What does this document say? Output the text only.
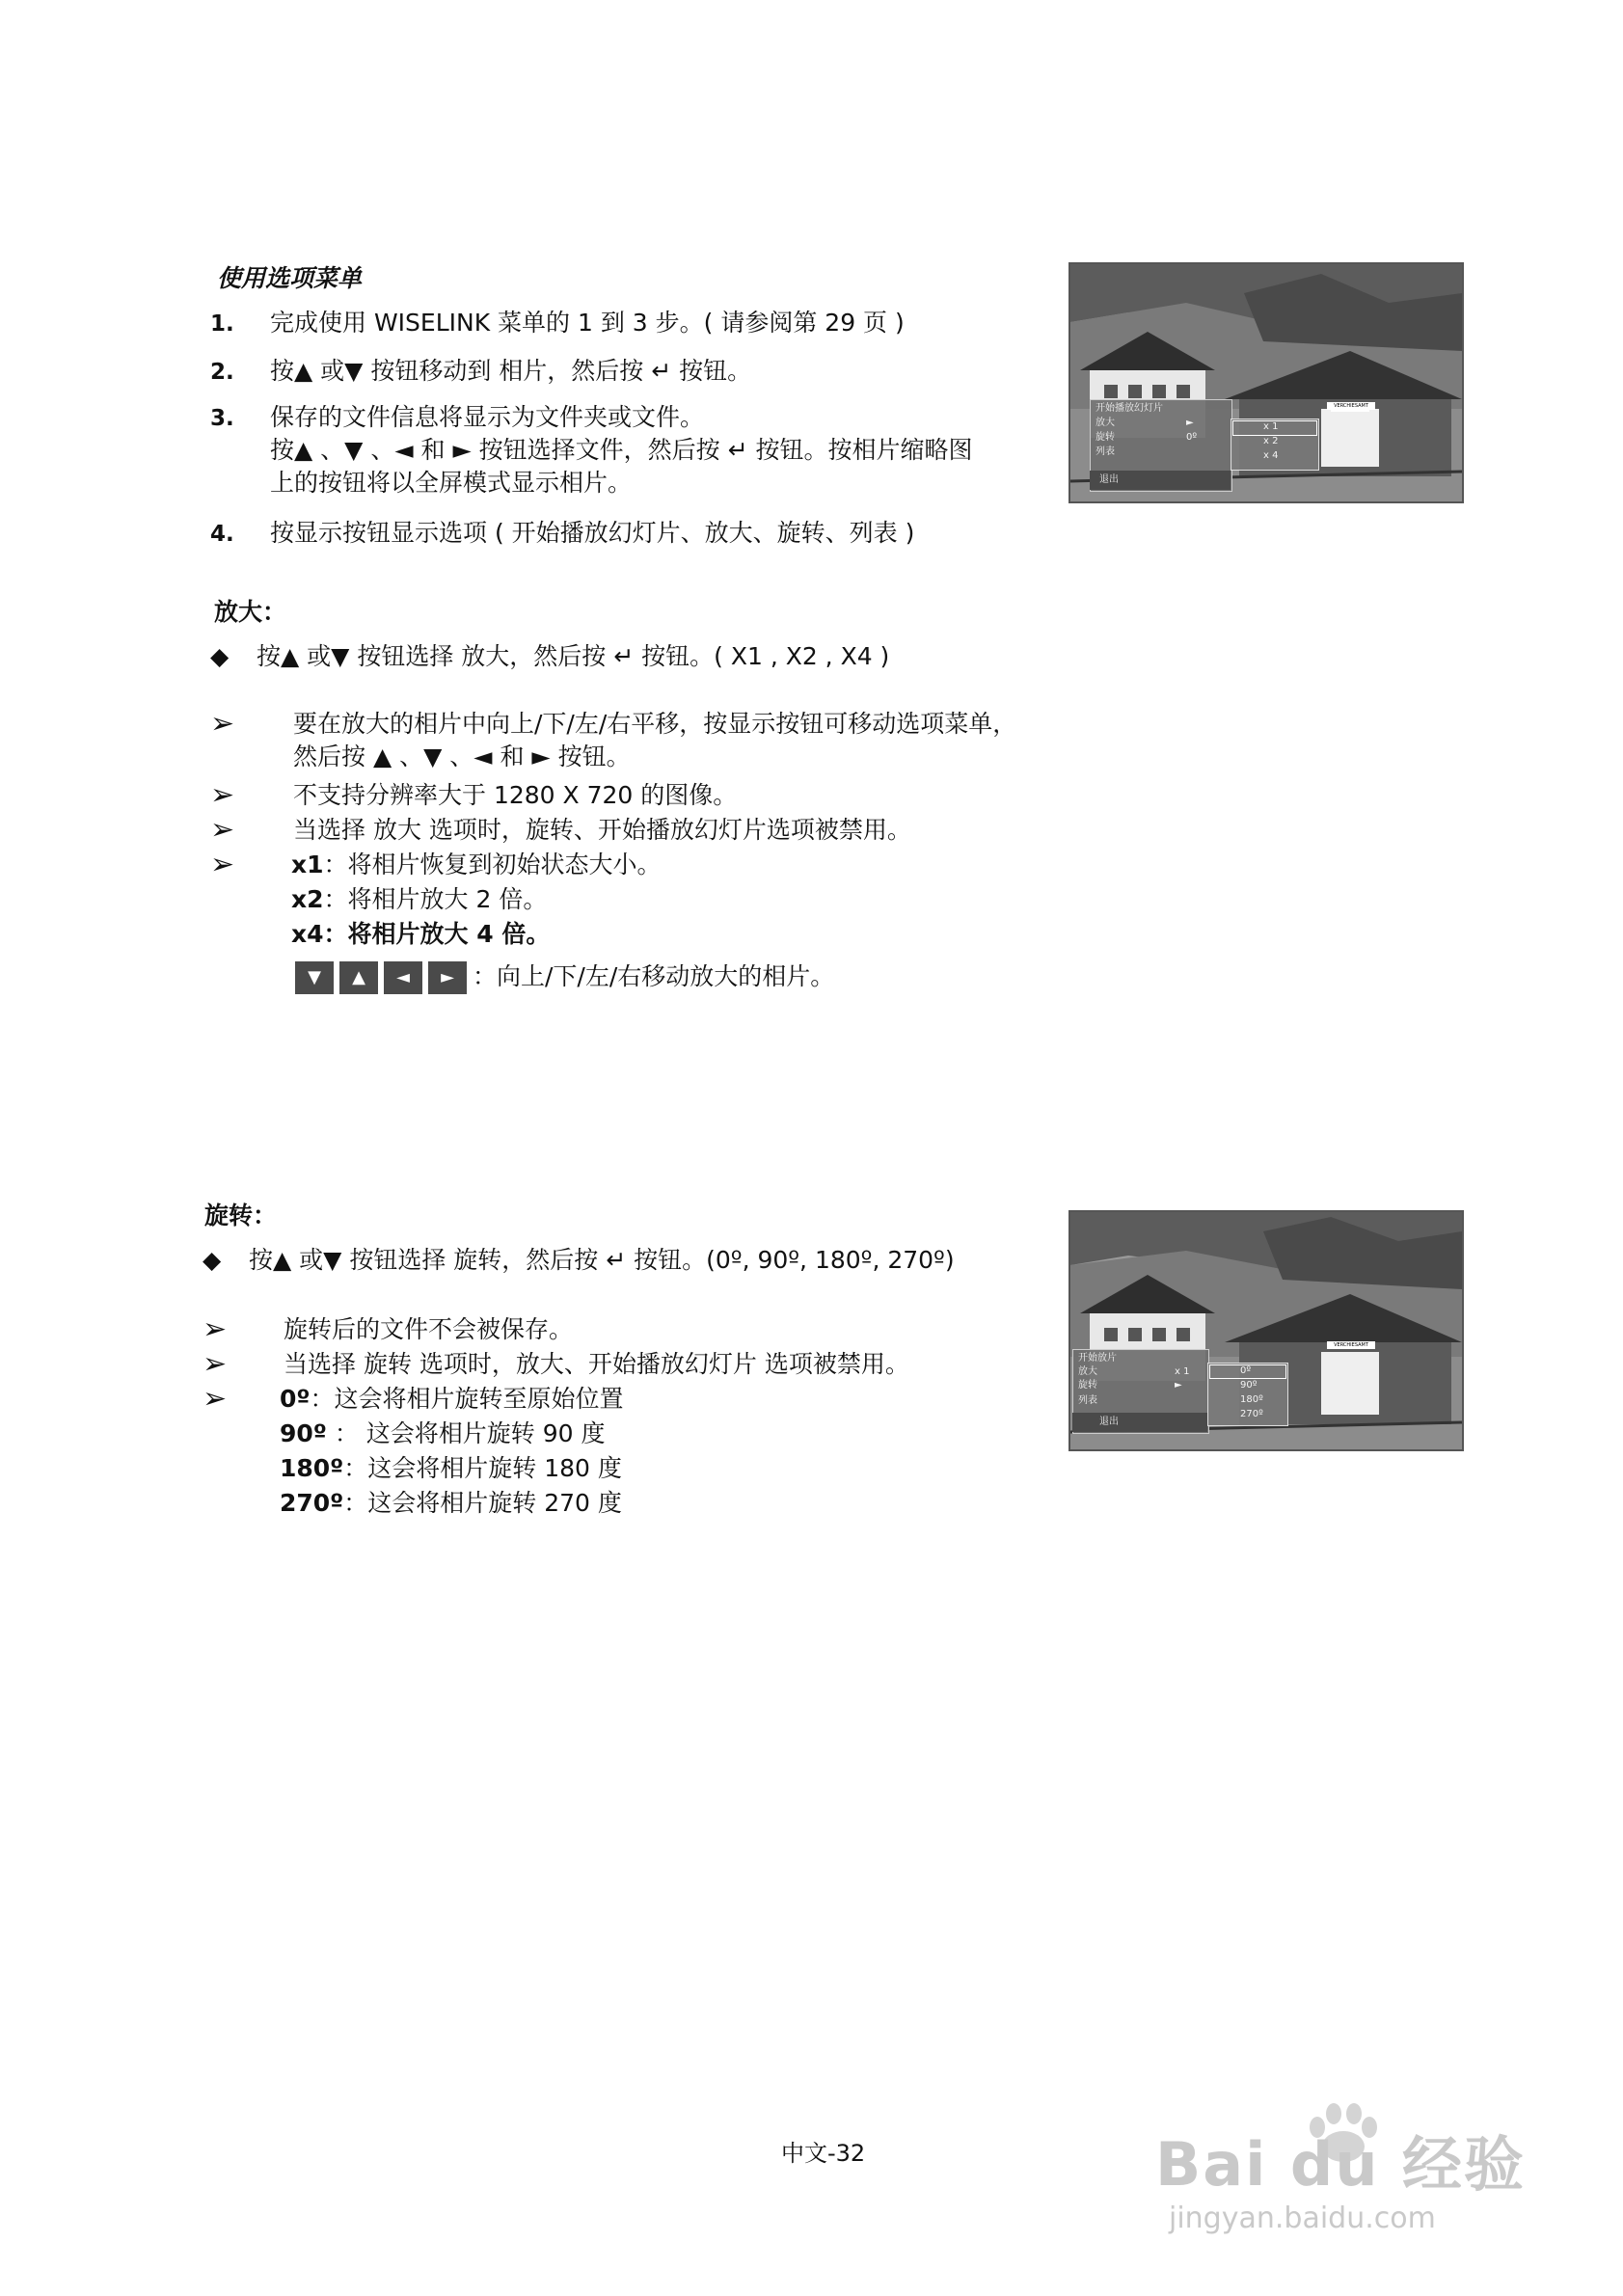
使用选项菜单
1. 完成使用 WISELINK 菜单的 1 到 3 步。( 请参阅第 29 页 )
2. 按▲ 或▼ 按钮移动到 相片，然后按 ↵ 按钮。
3. 保存的文件信息将显示为文件夹或文件。
按▲ 、▼ 、◄ 和 ► 按钮选择文件，然后按 ↵ 按钮。按相片缩略图
上的按钮将以全屏模式显示相片。
4. 按显示按钮显示选项 ( 开始播放幻灯片、放大、旋转、列表 )
VERCHIESAMT
开始播放幻灯片
放大	►
旋转	0º
列表
退出
x 1
x 2
x 4
放大：
◆ 按▲ 或▼ 按钮选择 放大，然后按 ↵ 按钮。( X1 , X2 , X4 )
➢ 要在放大的相片中向上/下/左/右平移，按显示按钮可移动选项菜单，
然后按 ▲ 、▼ 、◄ 和 ► 按钮。
➢ 不支持分辨率大于 1280 X 720 的图像。
➢ 当选择 放大 选项时，旋转、开始播放幻灯片选项被禁用。
➢ x1：将相片恢复到初始状态大小。
x2：将相片放大 2 倍。
x4：将相片放大 4 倍。
▼ ▲ ◄ ► ：向上/下/左/右移动放大的相片。
旋转：
◆ 按▲ 或▼ 按钮选择 旋转，然后按 ↵ 按钮。(0º, 90º, 180º, 270º)
➢ 旋转后的文件不会被保存。
➢ 当选择 旋转 选项时，放大、开始播放幻灯片 选项被禁用。
➢ 0º：这会将相片旋转至原始位置
90º ： 这会将相片旋转 90 度
180º：这会将相片旋转 180 度
270º：这会将相片旋转 270 度
VERCHIESAMT
开始放片
放大	x 1
旋转	►
列表
退出
0º
90º
180º
270º
中文-32	Bai du 经验
jingyan.baidu.com
